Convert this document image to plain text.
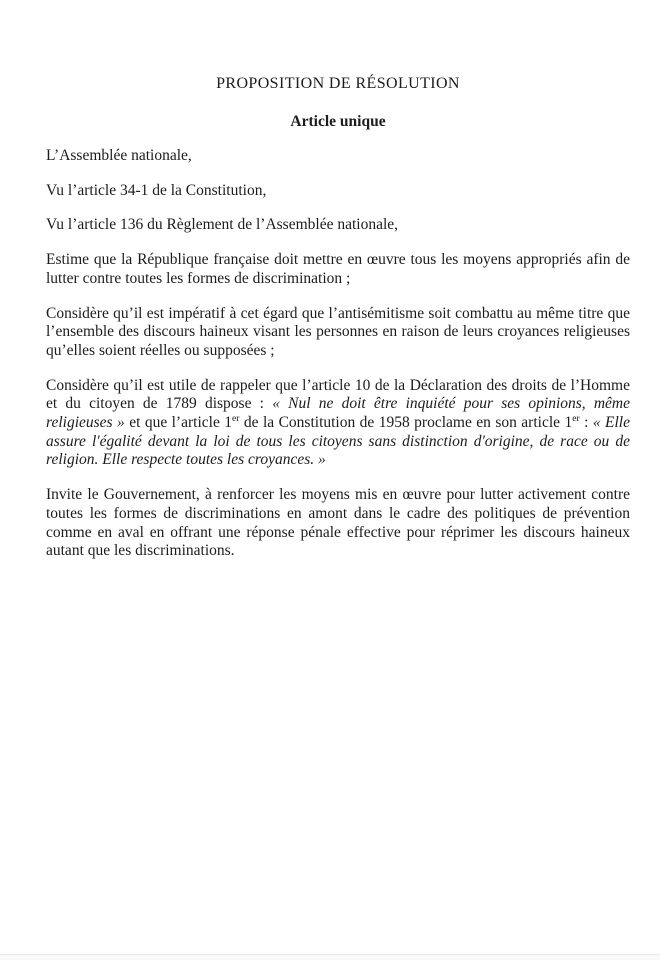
PROPOSITION DE RÉSOLUTION
Article unique

L’Assemblée nationale,

Vu l’article 34-1 de la Constitution,

Vu l’article 136 du Règlement de l’Assemblée nationale,

Estime que la République française doit mettre en œuvre tous les moyens appropriés afin de lutter contre toutes les formes de discrimination ;

Considère qu’il est impératif à cet égard que l’antisémitisme soit combattu au même titre que l’ensemble des discours haineux visant les personnes en raison de leurs croyances religieuses qu’elles soient réelles ou supposées ;

Considère qu’il est utile de rappeler que l’article 10 de la Déclaration des droits de l’Homme et du citoyen de 1789 dispose : « Nul ne doit être inquiété pour ses opinions, même religieuses » et que l’article 1er de la Constitution de 1958 proclame en son article 1er : « Elle assure l'égalité devant la loi de tous les citoyens sans distinction d'origine, de race ou de religion. Elle respecte toutes les croyances. »

Invite le Gouvernement, à renforcer les moyens mis en œuvre pour lutter activement contre toutes les formes de discriminations en amont dans le cadre des politiques de prévention comme en aval en offrant une réponse pénale effective pour réprimer les discours haineux autant que les discriminations.
